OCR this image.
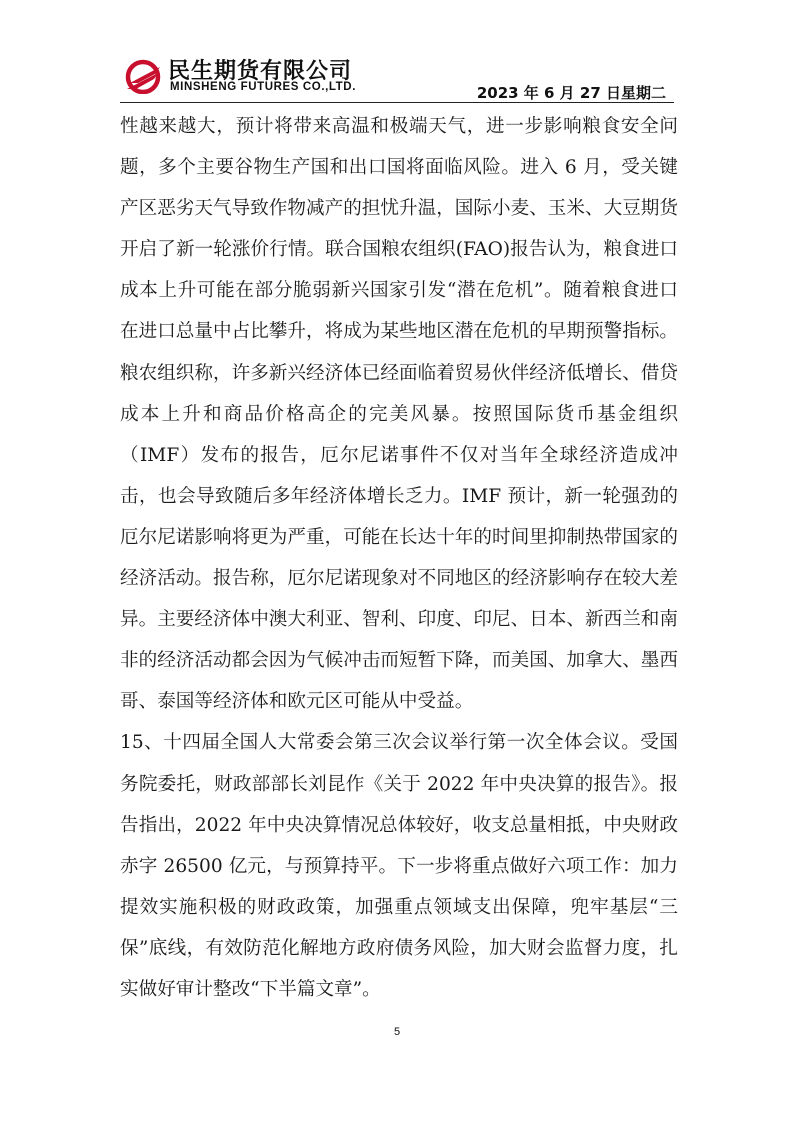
民生期货有限公司
MINSHENG FUTURES CO.,LTD.	2023 年 6 月 27 日星期二

性越来越大，预计将带来高温和极端天气，进一步影响粮食安全问题，多个主要谷物生产国和出口国将面临风险。进入 6 月，受关键产区恶劣天气导致作物减产的担忧升温，国际小麦、玉米、大豆期货开启了新一轮涨价行情。联合国粮农组织(FAO)报告认为，粮食进口成本上升可能在部分脆弱新兴国家引发“潜在危机”。随着粮食进口在进口总量中占比攀升，将成为某些地区潜在危机的早期预警指标。粮农组织称，许多新兴经济体已经面临着贸易伙伴经济低增长、借贷成本上升和商品价格高企的完美风暴。按照国际货币基金组织（IMF）发布的报告，厄尔尼诺事件不仅对当年全球经济造成冲击，也会导致随后多年经济体增长乏力。IMF 预计，新一轮强劲的厄尔尼诺影响将更为严重，可能在长达十年的时间里抑制热带国家的经济活动。报告称，厄尔尼诺现象对不同地区的经济影响存在较大差异。主要经济体中澳大利亚、智利、印度、印尼、日本、新西兰和南非的经济活动都会因为气候冲击而短暂下降，而美国、加拿大、墨西哥、泰国等经济体和欧元区可能从中受益。

15、十四届全国人大常委会第三次会议举行第一次全体会议。受国务院委托，财政部部长刘昆作《关于 2022 年中央决算的报告》。报告指出，2022 年中央决算情况总体较好，收支总量相抵，中央财政赤字 26500 亿元，与预算持平。下一步将重点做好六项工作：加力提效实施积极的财政政策，加强重点领域支出保障，兜牢基层“三保”底线，有效防范化解地方政府债务风险，加大财会监督力度，扎实做好审计整改“下半篇文章”。

5
